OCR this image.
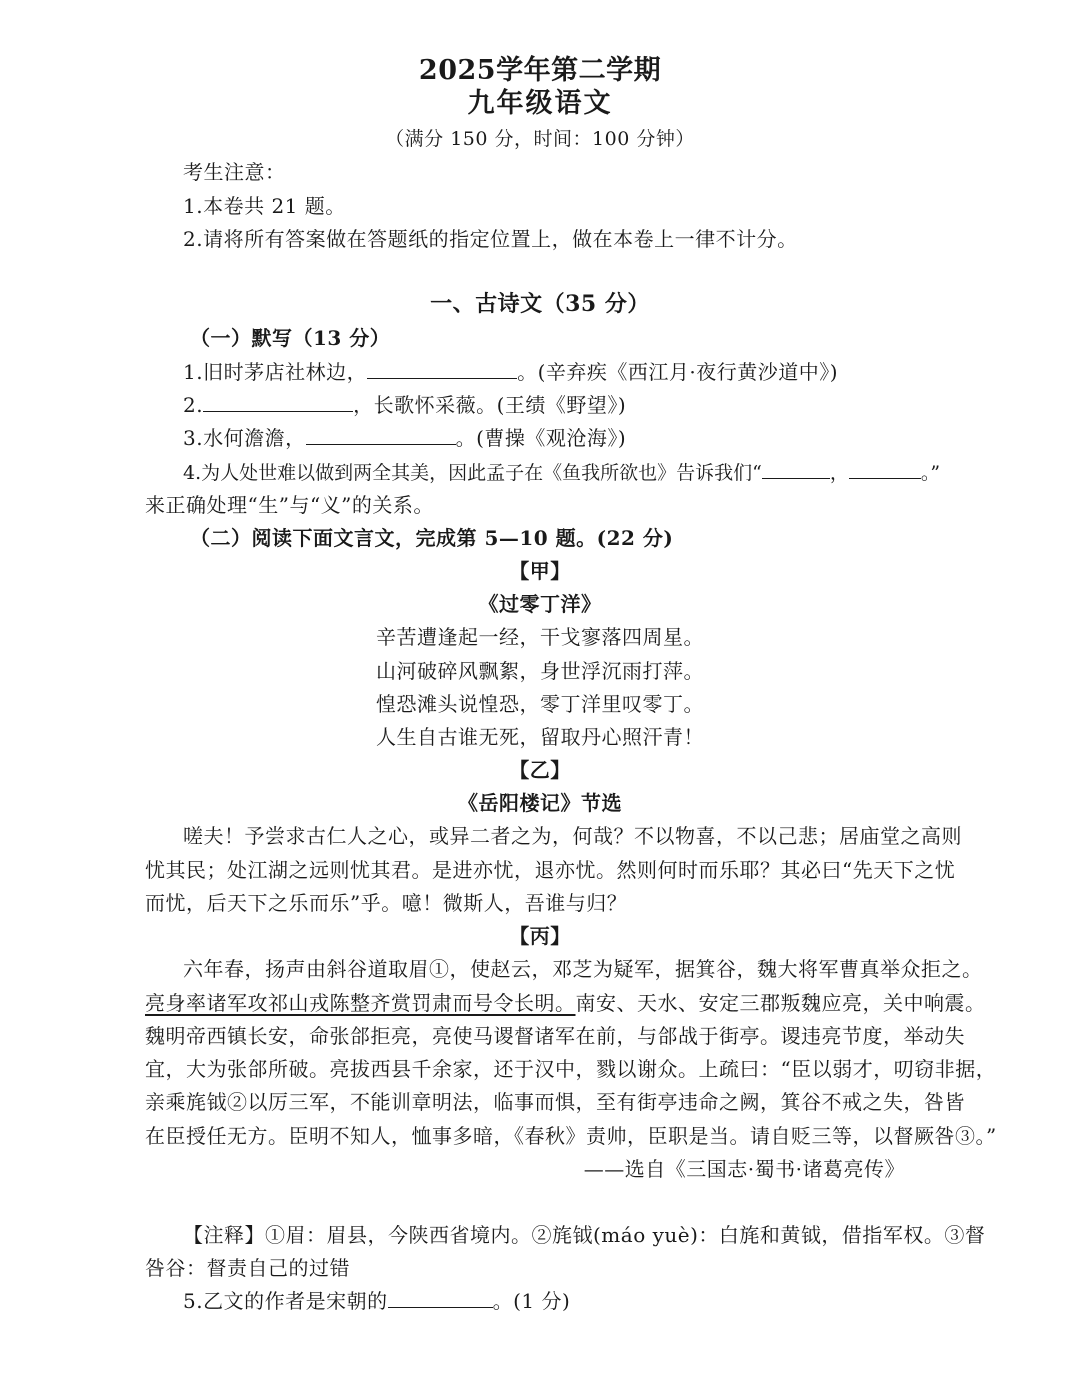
2025学年第二学期
九年级语文
（满分 150 分，时间：100 分钟）
考生注意：
1.本卷共 21 题。
2.请将所有答案做在答题纸的指定位置上，做在本卷上一律不计分。
一、古诗文（35 分）
（一）默写（13 分）
1.旧时茅店社林边，	。(辛弃疾《西江月·夜行黄沙道中》)
2.	，长歌怀采薇。(王绩《野望》)
3.水何澹澹，	。(曹操《观沧海》)
4.为人处世难以做到两全其美，因此孟子在《鱼我所欲也》告诉我们“	，	。”
来正确处理“生”与“义”的关系。
（二）阅读下面文言文，完成第 5—10 题。(22 分)
【甲】
《过零丁洋》
辛苦遭逢起一经，干戈寥落四周星。
山河破碎风飘絮，身世浮沉雨打萍。
惶恐滩头说惶恐，零丁洋里叹零丁。
人生自古谁无死，留取丹心照汗青！
【乙】
《岳阳楼记》节选
嗟夫！予尝求古仁人之心，或异二者之为，何哉？不以物喜，不以己悲；居庙堂之高则
忧其民；处江湖之远则忧其君。是进亦忧，退亦忧。然则何时而乐耶？其必曰“先天下之忧
而忧，后天下之乐而乐”乎。噫！微斯人，吾谁与归？
【丙】
六年春，扬声由斜谷道取眉①，使赵云，邓芝为疑军，据箕谷，魏大将军曹真举众拒之。
亮身率诸军攻祁山戎陈整齐赏罚肃而号令长明。南安、天水、安定三郡叛魏应亮，关中响震。
魏明帝西镇长安，命张郃拒亮，亮使马谡督诸军在前，与郃战于街亭。谡违亮节度，举动失
宜，大为张郃所破。亮拔西县千余家，还于汉中，戮以谢众。上疏曰：“臣以弱才，叨窃非据，
亲乘旄钺②以厉三军，不能训章明法，临事而惧，至有街亭违命之阙，箕谷不戒之失，咎皆
在臣授任无方。臣明不知人，恤事多暗，《春秋》责帅，臣职是当。请自贬三等，以督厥咎③。”
——选自《三国志·蜀书·诸葛亮传》
【注释】①眉：眉县，今陕西省境内。②旄钺(máo yuè)：白旄和黄钺，借指军权。③督
咎谷：督责自己的过错
5.乙文的作者是宋朝的	。(1 分)
